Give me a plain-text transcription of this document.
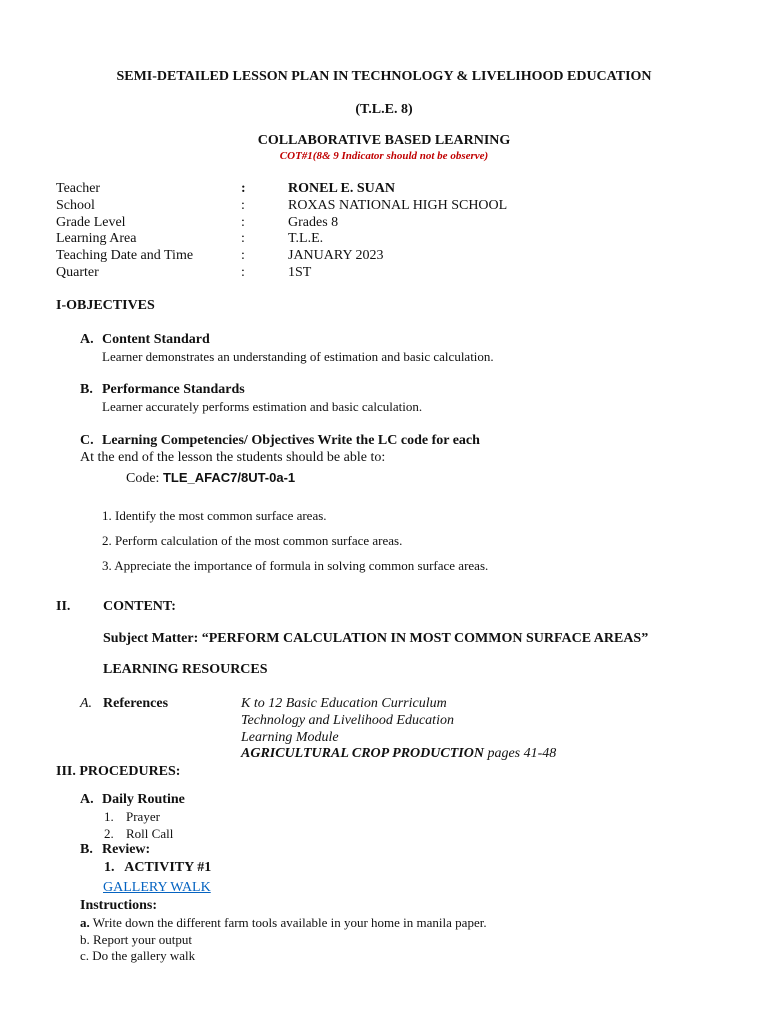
SEMI-DETAILED LESSON PLAN IN TECHNOLOGY & LIVELIHOOD EDUCATION
(T.L.E. 8)
COLLABORATIVE BASED LEARNING
COT#1(8& 9 Indicator should not be observe)
Teacher	:	RONEL E. SUAN
School	:	ROXAS NATIONAL HIGH SCHOOL
Grade Level	:	Grades 8
Learning Area	:	T.L.E.
Teaching Date and Time	:	JANUARY 2023
Quarter	:	1ST
I-OBJECTIVES
A. Content Standard
Learner demonstrates an understanding of estimation and basic calculation.
B. Performance Standards
Learner accurately performs estimation and basic calculation.
C. Learning Competencies/ Objectives Write the LC code for each
At the end of the lesson the students should be able to:
Code: TLE_AFAC7/8UT-0a-1
1. Identify the most common surface areas.
2. Perform calculation of the most common surface areas.
3. Appreciate the importance of formula in solving common surface areas.
II. CONTENT:
Subject Matter: “PERFORM CALCULATION IN MOST COMMON SURFACE AREAS”
LEARNING RESOURCES
A. References	K to 12 Basic Education Curriculum
Technology and Livelihood Education
Learning Module
AGRICULTURAL CROP PRODUCTION pages 41-48
III. PROCEDURES:
A. Daily Routine
1. Prayer
2. Roll Call
B. Review:
1.   ACTIVITY #1
GALLERY WALK
Instructions:
a. Write down the different farm tools available in your home in manila paper.
b. Report your output
c. Do the gallery walk
